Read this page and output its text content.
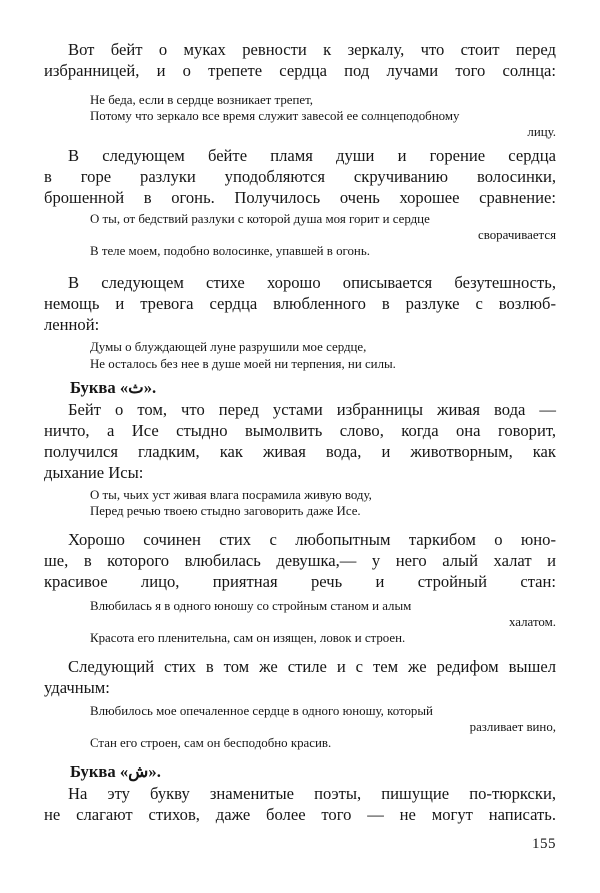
Вот бейт о муках ревности к зеркалу, что стоит перед

избранницей, и о трепете сердца под лучами того солнца:

Не беда, если в сердце возникает трепет,

Потому что зеркало все время служит завесой ее солнцеподобному

лицу.

В следующем бейте пламя души и горение сердца

в горе разлуки уподобляются скручиванию волосинки,

брошенной в огонь. Получилось очень хорошее сравнение:

О ты, от бедствий разлуки с которой душа моя горит и сердце

сворачивается

В теле моем, подобно волосинке, упавшей в огонь.

В следующем стихе хорошо описывается безутешность,

немощь и тревога сердца влюбленного в разлуке с возлюб-

ленной:

Думы о блуждающей луне разрушили мое сердце,

Не осталось без нее в душе моей ни терпения, ни силы.

Буква «ث».

Бейт о том, что перед устами избранницы живая вода —

ничто, а Исе стыдно вымолвить слово, когда она говорит,

получился гладким, как живая вода, и животворным, как

дыхание Исы:

О ты, чьих уст живая влага посрамила живую воду,

Перед речью твоею стыдно заговорить даже Исе.

Хорошо сочинен стих с любопытным таркибом о юно-

ше, в которого влюбилась девушка,— у него алый халат и

красивое лицо, приятная речь и стройный стан:

Влюбилась я в одного юношу со стройным станом и алым

халатом.

Красота его пленительна, сам он изящен, ловок и строен.

Следующий стих в том же стиле и с тем же редифом вышел

удачным:

Влюбилось мое опечаленное сердце в одного юношу, который

разливает вино,

Стан его строен, сам он бесподобно красив.

Буква «ش».

На эту букву знаменитые поэты, пишущие по-тюркски,

не слагают стихов, даже более того — не могут написать.

155
